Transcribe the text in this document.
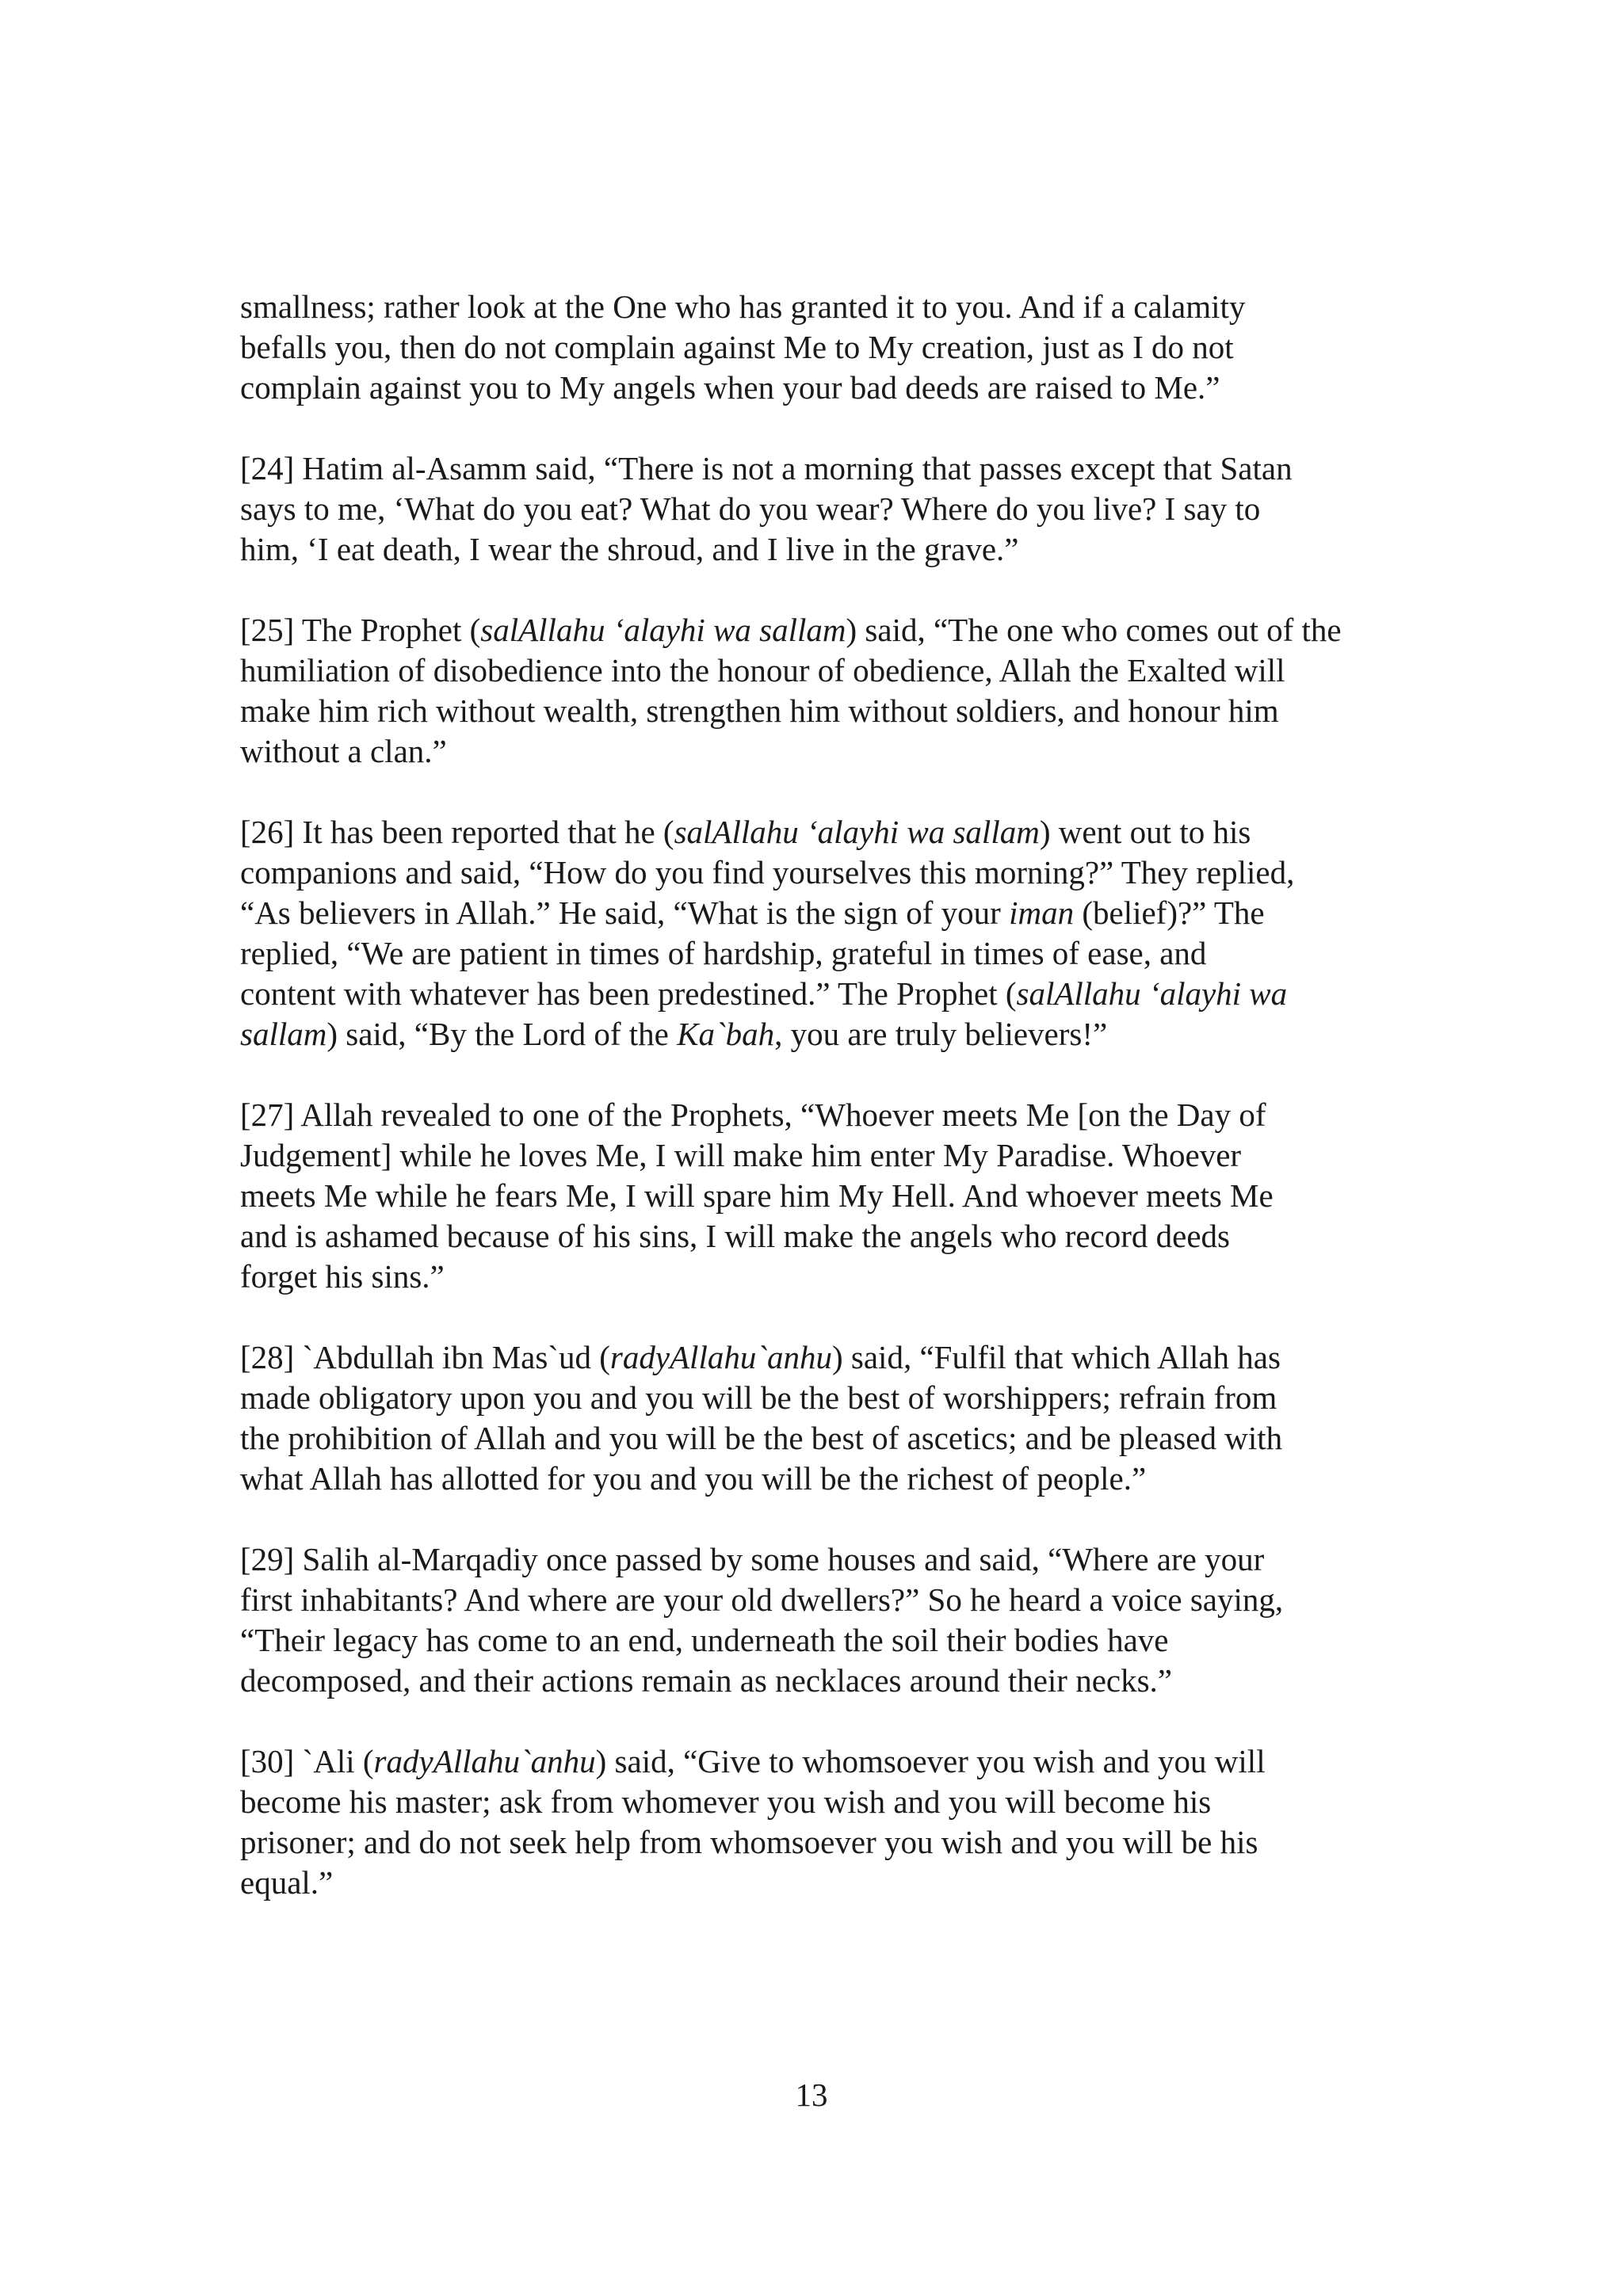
smallness; rather look at the One who has granted it to you. And if a calamity
befalls you, then do not complain against Me to My creation, just as I do not
complain against you to My angels when your bad deeds are raised to Me.”

[24] Hatim al-Asamm said, “There is not a morning that passes except that Satan
says to me, ‘What do you eat? What do you wear? Where do you live? I say to
him, ‘I eat death, I wear the shroud, and I live in the grave.”

[25] The Prophet (salAllahu ‘alayhi wa sallam) said, “The one who comes out of the
humiliation of disobedience into the honour of obedience, Allah the Exalted will
make him rich without wealth, strengthen him without soldiers, and honour him
without a clan.”

[26] It has been reported that he (salAllahu ‘alayhi wa sallam) went out to his
companions and said, “How do you find yourselves this morning?” They replied,
“As believers in Allah.” He said, “What is the sign of your iman (belief)?” The
replied, “We are patient in times of hardship, grateful in times of ease, and
content with whatever has been predestined.” The Prophet (salAllahu ‘alayhi wa
sallam) said, “By the Lord of the Ka`bah, you are truly believers!”

[27] Allah revealed to one of the Prophets, “Whoever meets Me [on the Day of
Judgement] while he loves Me, I will make him enter My Paradise. Whoever
meets Me while he fears Me, I will spare him My Hell. And whoever meets Me
and is ashamed because of his sins, I will make the angels who record deeds
forget his sins.”

[28] `Abdullah ibn Mas`ud (radyAllahu`anhu) said, “Fulfil that which Allah has
made obligatory upon you and you will be the best of worshippers; refrain from
the prohibition of Allah and you will be the best of ascetics; and be pleased with
what Allah has allotted for you and you will be the richest of people.”

[29] Salih al-Marqadiy once passed by some houses and said, “Where are your
first inhabitants? And where are your old dwellers?” So he heard a voice saying,
“Their legacy has come to an end, underneath the soil their bodies have
decomposed, and their actions remain as necklaces around their necks.”

[30] `Ali (radyAllahu`anhu) said, “Give to whomsoever you wish and you will
become his master; ask from whomever you wish and you will become his
prisoner; and do not seek help from whomsoever you wish and you will be his
equal.”

13
